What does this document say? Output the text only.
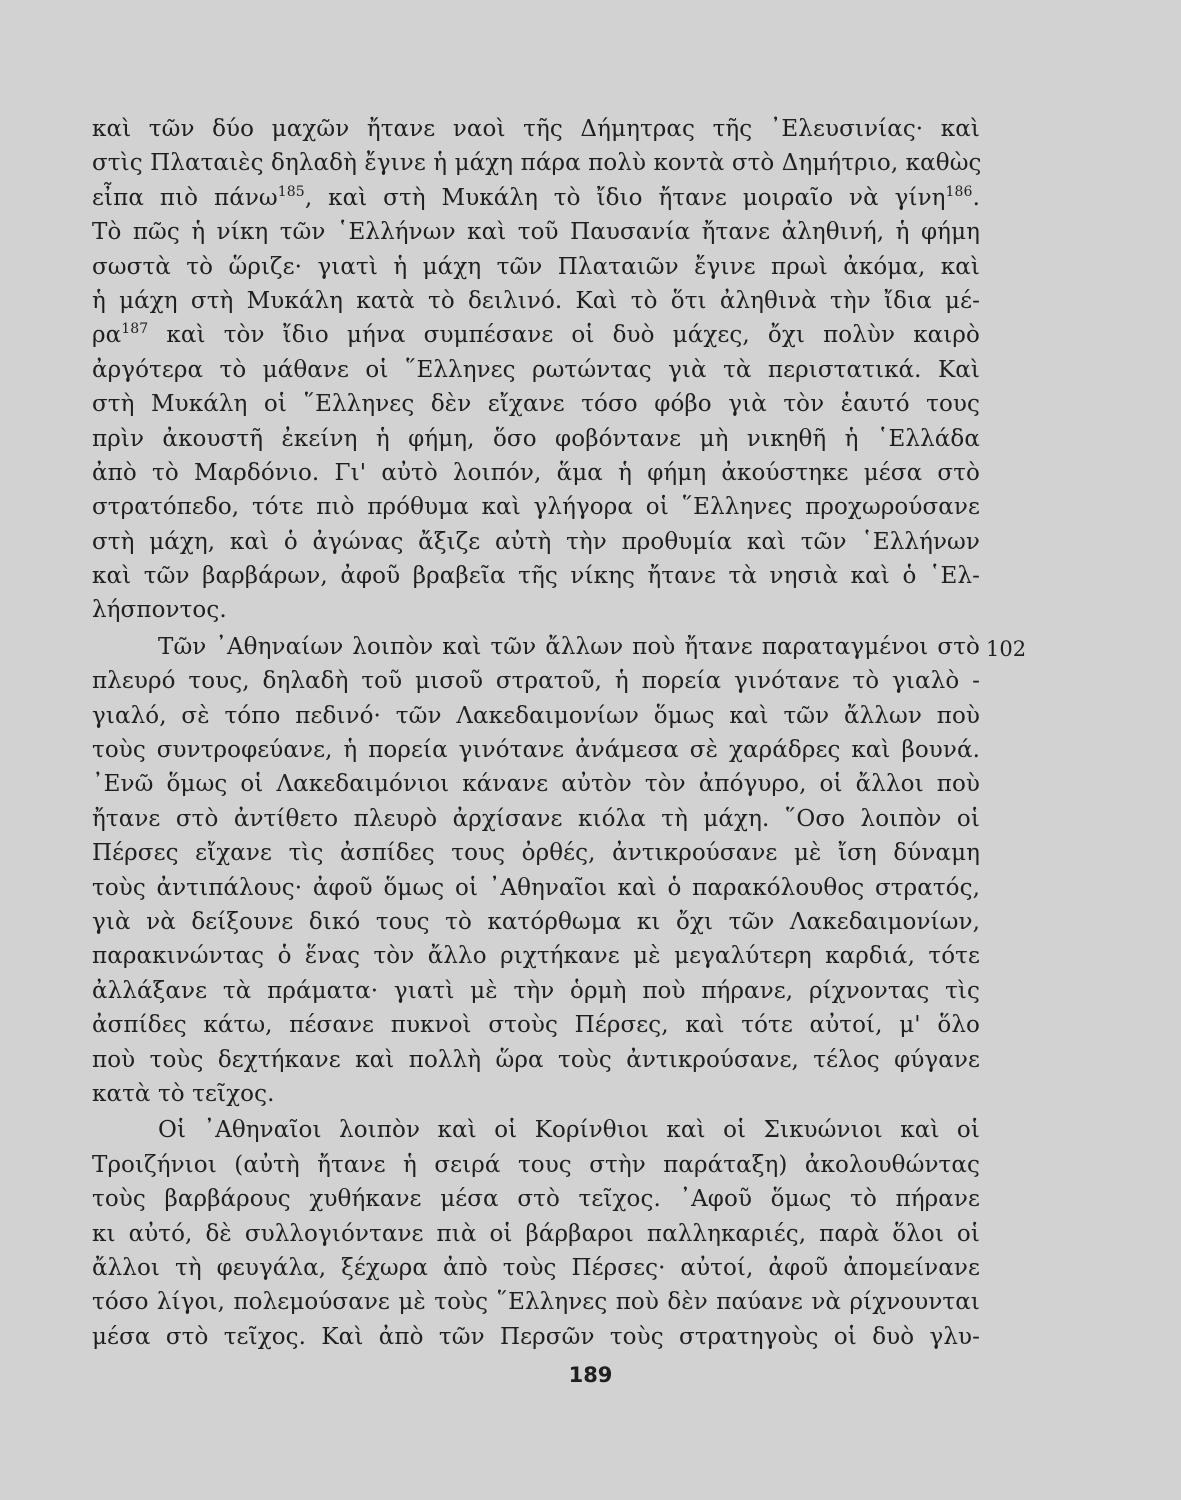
καὶ τῶν δύο μαχῶν ἤτανε ναοὶ τῆς Δήμητρας τῆς ᾿Ελευσινίας· καὶ
στὶς Πλαταιὲς δηλαδὴ ἔγινε ἡ μάχη πάρα πολὺ κοντὰ στὸ Δημήτριο, καθὼς
εἶπα πιὸ πάνω$^{185}$, καὶ στὴ Μυκάλη τὸ ἴδιο ἤτανε μοιραῖο νὰ γίνη$^{186}$.
Τὸ πῶς ἡ νίκη τῶν ῾Ελλήνων καὶ τοῦ Παυσανία ἤτανε ἀληθινή, ἡ φήμη
σωστὰ τὸ ὥριζε· γιατὶ ἡ μάχη τῶν Πλαταιῶν ἔγινε πρωὶ ἀκόμα, καὶ
ἡ μάχη στὴ Μυκάλη κατὰ τὸ δειλινό. Καὶ τὸ ὅτι ἀληθινὰ τὴν ἴδια μέ-
$\rho\alpha^{187}$ καὶ τὸν ἴδιο μήνα συμπέσανε οἱ δυὸ μάχες, ὄχι πολὺν καιρὸ
ἀργότερα τὸ μάθανε οἱ ῞Ελληνες ρωτώντας γιὰ τὰ περιστατικά. Καὶ
στὴ Μυκάλη οἱ ῞Ελληνες δὲν εἴχανε τόσο φόβο γιὰ τὸν ἑαυτό τους
πρὶν ἀκουστῆ ἐκείνη ἡ φήμη, ὅσο φοβόντανε μὴ νικηθῆ ἡ ῾Ελλάδα
ἀπὸ τὸ Μαρδόνιο. Γι' αὐτὸ λοιπόν, ἅμα ἡ φήμη ἀκούστηκε μέσα στὸ
στρατόπεδο, τότε πιὸ πρόθυμα καὶ γλήγορα οἱ ῞Ελληνες προχωρούσανε
στὴ μάχη, καὶ ὁ ἀγώνας ἄξιζε αὐτὴ τὴν προθυμία καὶ τῶν ῾Ελλήνων
καὶ τῶν βαρβάρων, ἀφοῦ βραβεῖα τῆς νίκης ἤτανε τὰ νησιὰ καὶ ὁ ῾Ελ-
λήσποντος.
Τῶν ᾿Αθηναίων λοιπὸν καὶ τῶν ἄλλων ποὺ ἤτανε παραταγμένοι στὸ
πλευρό τους, δηλαδὴ τοῦ μισοῦ στρατοῦ, ἡ πορεία γινότανε τὸ γιαλὸ -
γιαλό, σὲ τόπο πεδινό· τῶν Λακεδαιμονίων ὅμως καὶ τῶν ἄλλων ποὺ
τοὺς συντροφεύανε, ἡ πορεία γινότανε ἀνάμεσα σὲ χαράδρες καὶ βουνά.
᾿Ενῶ ὅμως οἱ Λακεδαιμόνιοι κάνανε αὐτὸν τὸν ἀπόγυρο, οἱ ἄλλοι ποὺ
ἤτανε στὸ ἀντίθετο πλευρὸ ἀρχίσανε κιόλα τὴ μάχη. ῞Οσο λοιπὸν οἱ
Πέρσες εἴχανε τὶς ἀσπίδες τους ὀρθές, ἀντικρούσανε μὲ ἴση δύναμη
τοὺς ἀντιπάλους· ἀφοῦ ὅμως οἱ ᾿Αθηναῖοι καὶ ὁ παρακόλουθος στρατός,
γιὰ νὰ δείξουνε δικό τους τὸ κατόρθωμα κι ὄχι τῶν Λακεδαιμονίων,
παρακινώντας ὁ ἕνας τὸν ἄλλο ριχτήκανε μὲ μεγαλύτερη καρδιά, τότε
ἀλλάξανε τὰ πράματα· γιατὶ μὲ τὴν ὁρμὴ ποὺ πήρανε, ρίχνοντας τὶς
ἀσπίδες κάτω, πέσανε πυκνοὶ στοὺς Πέρσες, καὶ τότε αὐτοί, μ' ὅλο
ποὺ τοὺς δεχτήκανε καὶ πολλὴ ὥρα τοὺς ἀντικρούσανε, τέλος φύγανε
κατὰ τὸ τεῖχος.
Οἱ ᾿Αθηναῖοι λοιπὸν καὶ οἱ Κορίνθιοι καὶ οἱ Σικυώνιοι καὶ οἱ
Τροιζήνιοι (αὐτὴ ἤτανε ἡ σειρά τους στὴν παράταξη) ἀκολουθώντας
τοὺς βαρβάρους χυθήκανε μέσα στὸ τεῖχος. ᾿Αφοῦ ὅμως τὸ πήρανε
κι αὐτό, δὲ συλλογιόντανε πιὰ οἱ βάρβαροι παλληκαριές, παρὰ ὅλοι οἱ
ἄλλοι τὴ φευγάλα, ξέχωρα ἀπὸ τοὺς Πέρσες· αὐτοί, ἀφοῦ ἀπομείνανε
τόσο λίγοι, πολεμούσανε μὲ τοὺς ῞Ελληνες ποὺ δὲν παύανε νὰ ρίχνουνται
μέσα στὸ τεῖχος. Καὶ ἀπὸ τῶν Περσῶν τοὺς στρατηγοὺς οἱ δυὸ γλυ-
102
189
